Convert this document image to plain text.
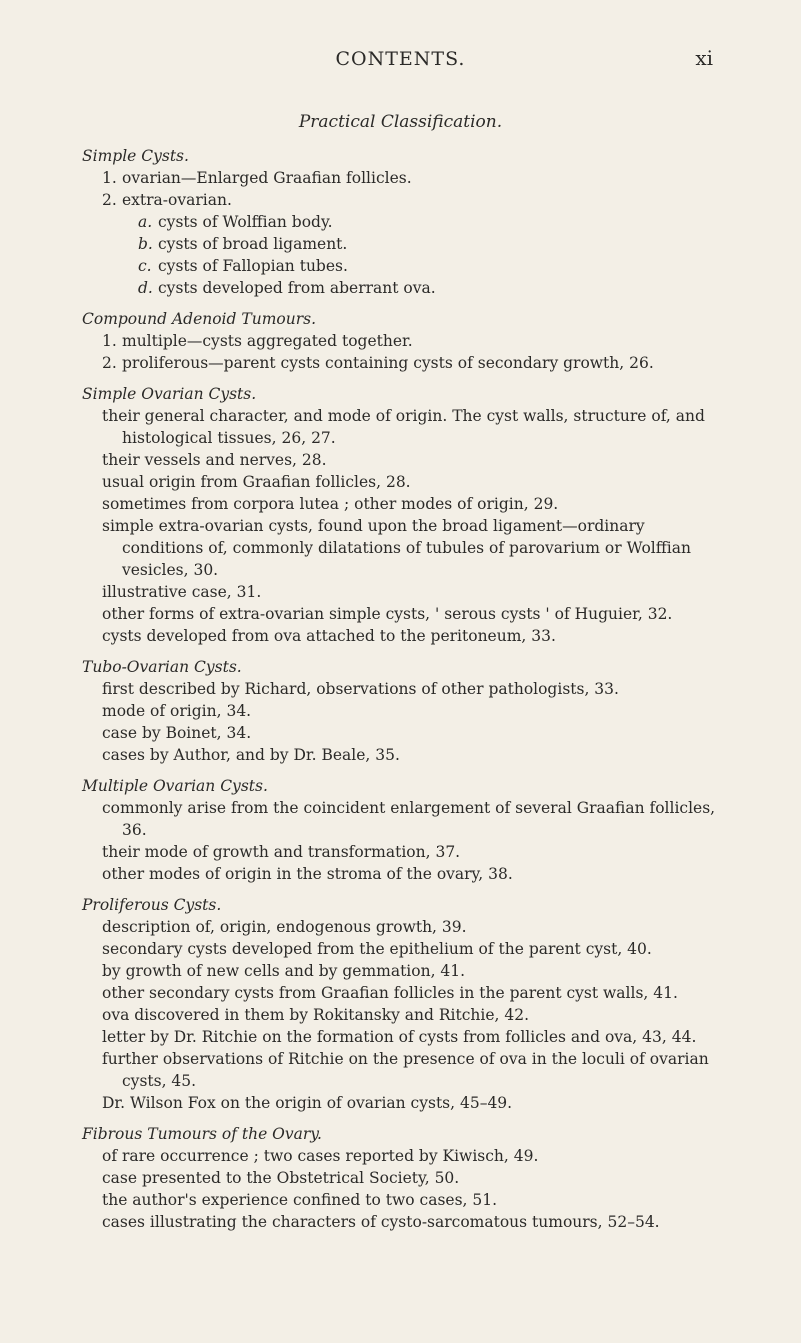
CONTENTS.	xi
Practical Classification.
Simple Cysts.
1. ovarian—Enlarged Graafian follicles.
2. extra-ovarian.
a. cysts of Wolffian body.
b. cysts of broad ligament.
c. cysts of Fallopian tubes.
d. cysts developed from aberrant ova.
Compound Adenoid Tumours.
1. multiple—cysts aggregated together.
2. proliferous—parent cysts containing cysts of secondary growth, 26.
Simple Ovarian Cysts.
their general character, and mode of origin. The cyst walls, structure of, and histological tissues, 26, 27.
their vessels and nerves, 28.
usual origin from Graafian follicles, 28.
sometimes from corpora lutea ; other modes of origin, 29.
simple extra-ovarian cysts, found upon the broad ligament—ordinary conditions of, commonly dilatations of tubules of parovarium or Wolffian vesicles, 30.
illustrative case, 31.
other forms of extra-ovarian simple cysts, ' serous cysts ' of Huguier, 32.
cysts developed from ova attached to the peritoneum, 33.
Tubo-Ovarian Cysts.
first described by Richard, observations of other pathologists, 33.
mode of origin, 34.
case by Boinet, 34.
cases by Author, and by Dr. Beale, 35.
Multiple Ovarian Cysts.
commonly arise from the coincident enlargement of several Graafian follicles, 36.
their mode of growth and transformation, 37.
other modes of origin in the stroma of the ovary, 38.
Proliferous Cysts.
description of, origin, endogenous growth, 39.
secondary cysts developed from the epithelium of the parent cyst, 40.
by growth of new cells and by gemmation, 41.
other secondary cysts from Graafian follicles in the parent cyst walls, 41.
ova discovered in them by Rokitansky and Ritchie, 42.
letter by Dr. Ritchie on the formation of cysts from follicles and ova, 43, 44.
further observations of Ritchie on the presence of ova in the loculi of ovarian cysts, 45.
Dr. Wilson Fox on the origin of ovarian cysts, 45–49.
Fibrous Tumours of the Ovary.
of rare occurrence ; two cases reported by Kiwisch, 49.
case presented to the Obstetrical Society, 50.
the author's experience confined to two cases, 51.
cases illustrating the characters of cysto-sarcomatous tumours, 52–54.
